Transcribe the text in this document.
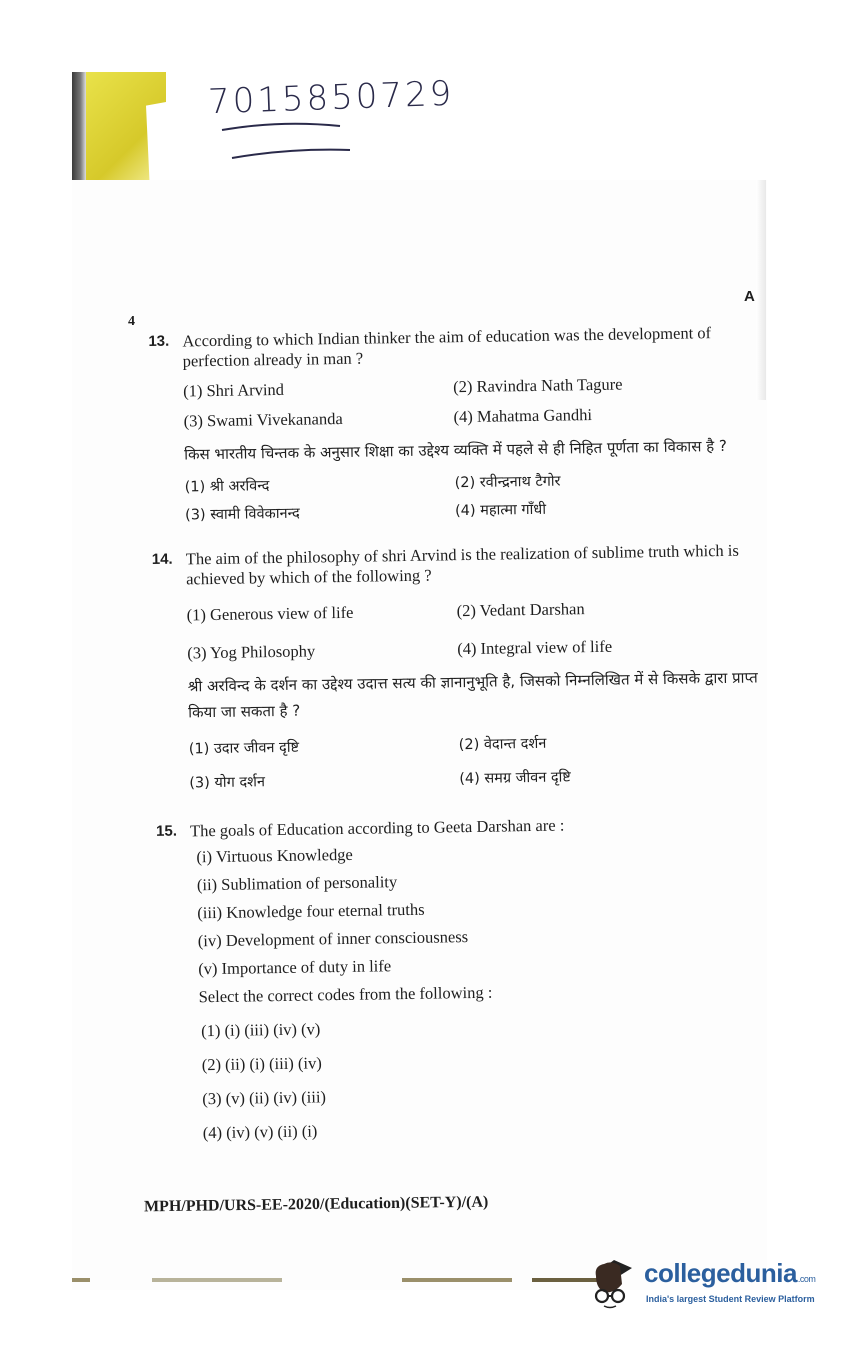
7015850729
A
4
13. According to which Indian thinker the aim of education was the development of perfection already in man ?
(1) Shri Arvind	(2) Ravindra Nath Tagure
(3) Swami Vivekananda	(4) Mahatma Gandhi
किस भारतीय चिन्तक के अनुसार शिक्षा का उद्देश्य व्यक्ति में पहले से ही निहित पूर्णता का विकास है ?
(1) श्री अरविन्द	(2) रवीन्द्रनाथ टैगोर
(3) स्वामी विवेकानन्द	(4) महात्मा गाँधी
14. The aim of the philosophy of shri Arvind is the realization of sublime truth which is achieved by which of the following ?
(1) Generous view of life	(2) Vedant Darshan
(3) Yog Philosophy	(4) Integral view of life
श्री अरविन्द के दर्शन का उद्देश्य उदात्त सत्य की ज्ञानानुभूति है, जिसको निम्नलिखित में से किसके द्वारा प्राप्त किया जा सकता है ?
(1) उदार जीवन दृष्टि	(2) वेदान्त दर्शन
(3) योग दर्शन	(4) समग्र जीवन दृष्टि
15. The goals of Education according to Geeta Darshan are :
(i) Virtuous Knowledge
(ii) Sublimation of personality
(iii) Knowledge four eternal truths
(iv) Development of inner consciousness
(v) Importance of duty in life
Select the correct codes from the following :
(1) (i) (iii) (iv) (v)
(2) (ii) (i) (iii) (iv)
(3) (v) (ii) (iv) (iii)
(4) (iv) (v) (ii) (i)
MPH/PHD/URS-EE-2020/(Education)(SET-Y)/(A)
collegedunia.com
India's largest Student Review Platform
